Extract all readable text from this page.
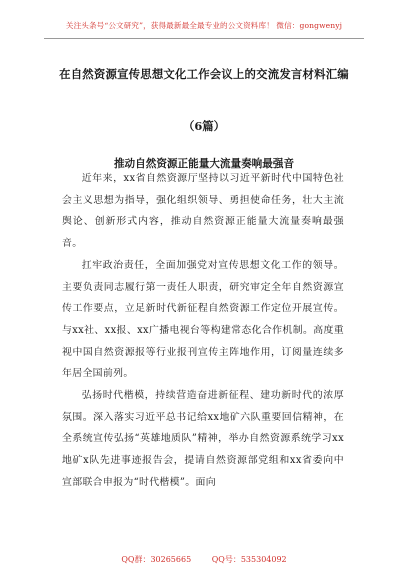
关注头条号“公文研究”，获得最新最全最专业的公文资料库！ 微信：gongwenyj
在自然资源宣传思想文化工作会议上的交流发言材料汇编
（6篇）
推动自然资源正能量大流量奏响最强音

近年来，xx省自然资源厅坚持以习近平新时代中国特色社会主义思想为指导，强化组织领导、勇担使命任务，壮大主流舆论、创新形式内容，推动自然资源正能量大流量奏响最强音。

扛牢政治责任，全面加强党对宣传思想文化工作的领导。主要负责同志履行第一责任人职责，研究审定全年自然资源宣传工作要点，立足新时代新征程自然资源工作定位开展宣传。与xx社、xx报、xx广播电视台等构建常态化合作机制。高度重视中国自然资源报等行业报刊宣传主阵地作用，订阅量连续多年居全国前列。

弘扬时代楷模，持续营造奋进新征程、建功新时代的浓厚氛围。深入落实习近平总书记给xx地矿六队重要回信精神，在全系统宣传弘扬“英雄地质队”精神，举办自然资源系统学习xx地矿x队先进事迹报告会，提请自然资源部党组和xx省委向中宣部联合申报为“时代楷模”。面向

QQ群：30265665	QQ号：535304092
